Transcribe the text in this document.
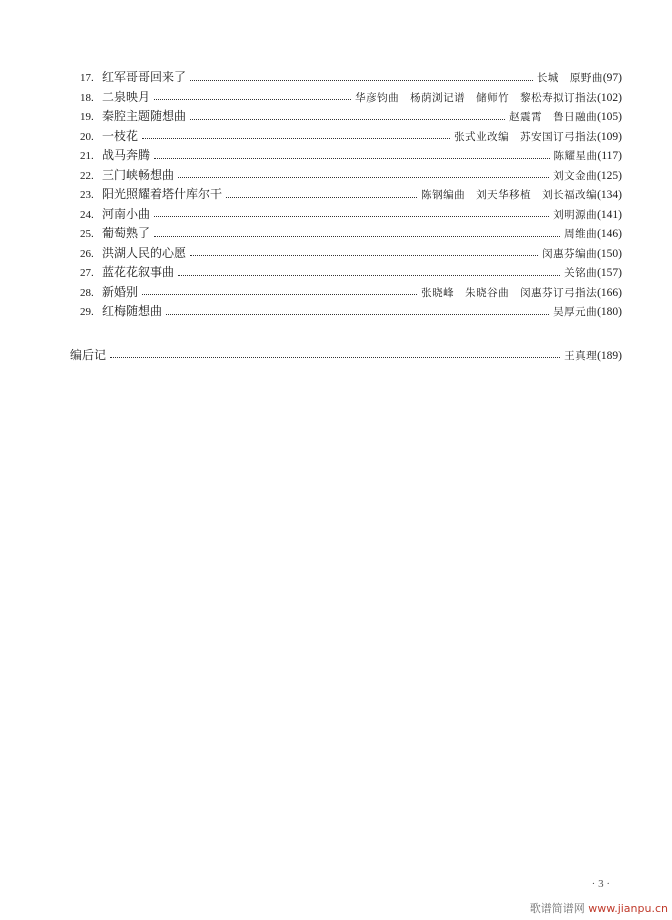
17. 红军哥哥回来了	长城　原野曲 (97)
18. 二泉映月	华彦钧曲　杨荫浏记谱　储师竹　黎松寿拟订指法 (102)
19. 秦腔主题随想曲	赵震霄　鲁日融曲 (105)
20. 一枝花	张式业改编　苏安国订弓指法 (109)
21. 战马奔腾	陈耀星曲 (117)
22. 三门峡畅想曲	刘文金曲 (125)
23. 阳光照耀着塔什库尔干	陈钢编曲　刘天华移植　刘长福改编 (134)
24. 河南小曲	刘明源曲 (141)
25. 葡萄熟了	周维曲 (146)
26. 洪湖人民的心愿	闵惠芬编曲 (150)
27. 蓝花花叙事曲	关铭曲 (157)
28. 新婚别	张晓峰　朱晓谷曲　闵惠芬订弓指法 (166)
29. 红梅随想曲	吴厚元曲 (180)
编后记	王真理 (189)
· 3 ·
歌谱简谱网 www.jianpu.cn
